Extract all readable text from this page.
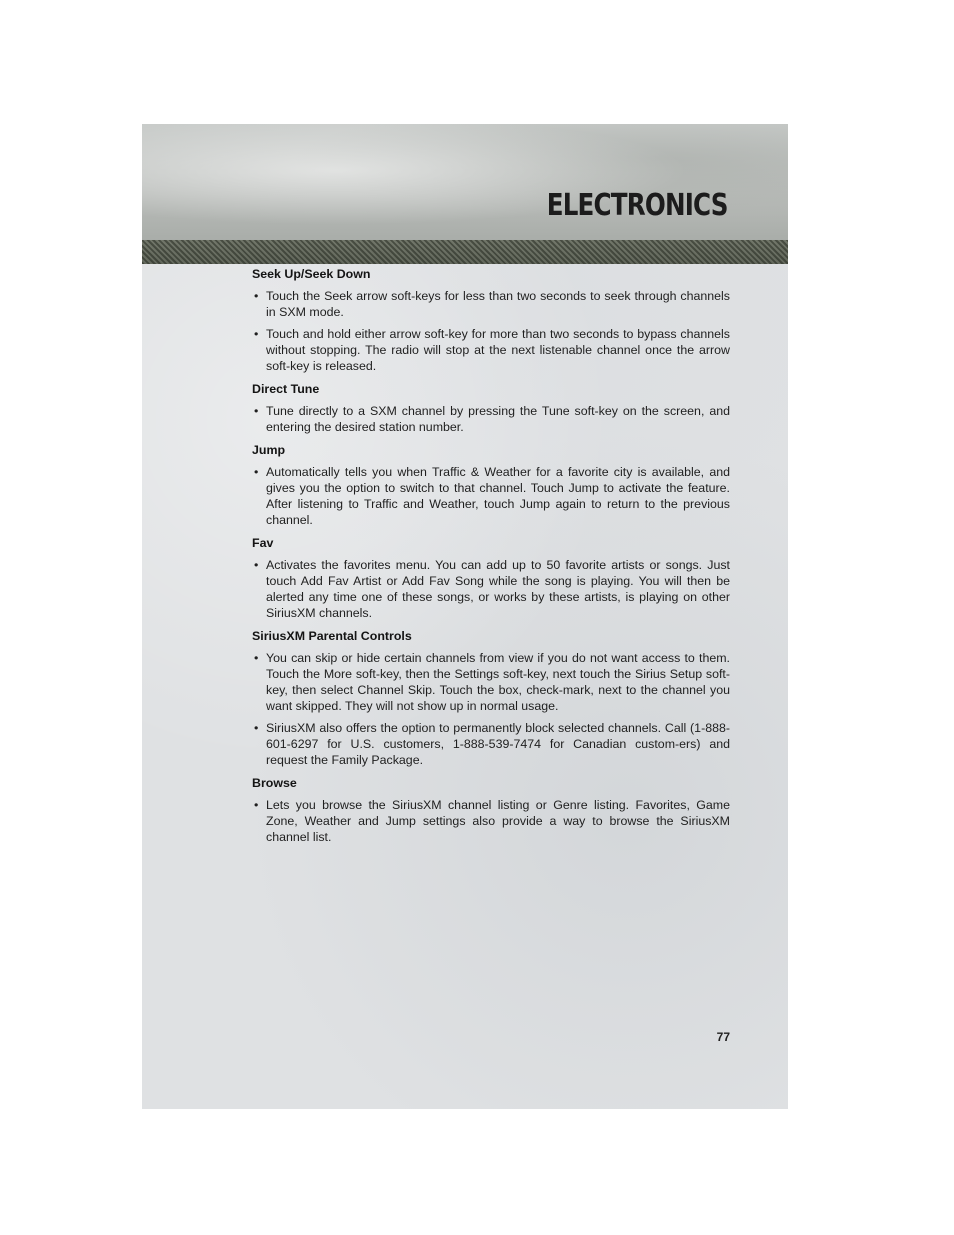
ELECTRONICS
Seek Up/Seek Down
• Touch the Seek arrow soft-keys for less than two seconds to seek through channels in SXM mode.
• Touch and hold either arrow soft-key for more than two seconds to bypass channels without stopping. The radio will stop at the next listenable channel once the arrow soft-key is released.
Direct Tune
• Tune directly to a SXM channel by pressing the Tune soft-key on the screen, and entering the desired station number.
Jump
• Automatically tells you when Traffic & Weather for a favorite city is available, and gives you the option to switch to that channel. Touch Jump to activate the feature. After listening to Traffic and Weather, touch Jump again to return to the previous channel.
Fav
• Activates the favorites menu. You can add up to 50 favorite artists or songs. Just touch Add Fav Artist or Add Fav Song while the song is playing. You will then be alerted any time one of these songs, or works by these artists, is playing on other SiriusXM channels.
SiriusXM Parental Controls
• You can skip or hide certain channels from view if you do not want access to them. Touch the More soft-key, then the Settings soft-key, next touch the Sirius Setup soft-key, then select Channel Skip. Touch the box, check-mark, next to the channel you want skipped. They will not show up in normal usage.
• SiriusXM also offers the option to permanently block selected channels. Call (1-888-601-6297 for U.S. customers, 1-888-539-7474 for Canadian custom-ers) and request the Family Package.
Browse
• Lets you browse the SiriusXM channel listing or Genre listing. Favorites, Game Zone, Weather and Jump settings also provide a way to browse the SiriusXM channel list.
77
